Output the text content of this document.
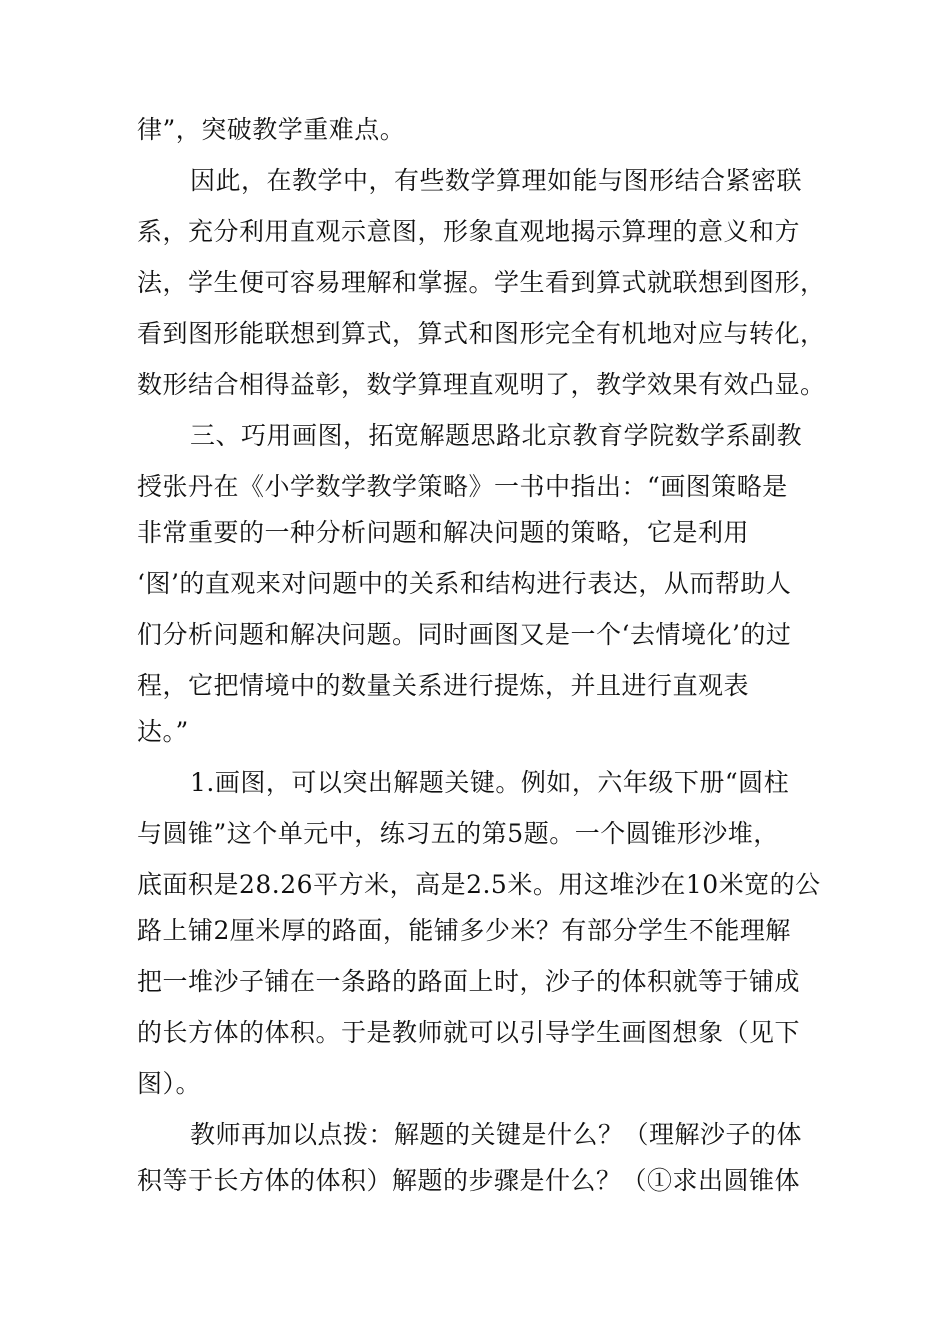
律”，突破教学重难点。
因此，在教学中，有些数学算理如能与图形结合紧密联
系，充分利用直观示意图，形象直观地揭示算理的意义和方
法，学生便可容易理解和掌握。学生看到算式就联想到图形，
看到图形能联想到算式，算式和图形完全有机地对应与转化，
数形结合相得益彰，数学算理直观明了，教学效果有效凸显。
三、巧用画图，拓宽解题思路北京教育学院数学系副教
授张丹在《小学数学教学策略》一书中指出：“画图策略是
非常重要的一种分析问题和解决问题的策略，它是利用
‘图’的直观来对问题中的关系和结构进行表达，从而帮助人
们分析问题和解决问题。同时画图又是一个‘去情境化’的过
程，它把情境中的数量关系进行提炼，并且进行直观表
达。”
1.画图，可以突出解题关键。例如，六年级下册“圆柱
与圆锥”这个单元中，练习五的第5题。一个圆锥形沙堆，
底面积是28.26平方米，高是2.5米。用这堆沙在10米宽的公
路上铺2厘米厚的路面，能铺多少米？有部分学生不能理解
把一堆沙子铺在一条路的路面上时，沙子的体积就等于铺成
的长方体的体积。于是教师就可以引导学生画图想象（见下
图）。
教师再加以点拨：解题的关键是什么？（理解沙子的体
积等于长方体的体积）解题的步骤是什么？（①求出圆锥体
